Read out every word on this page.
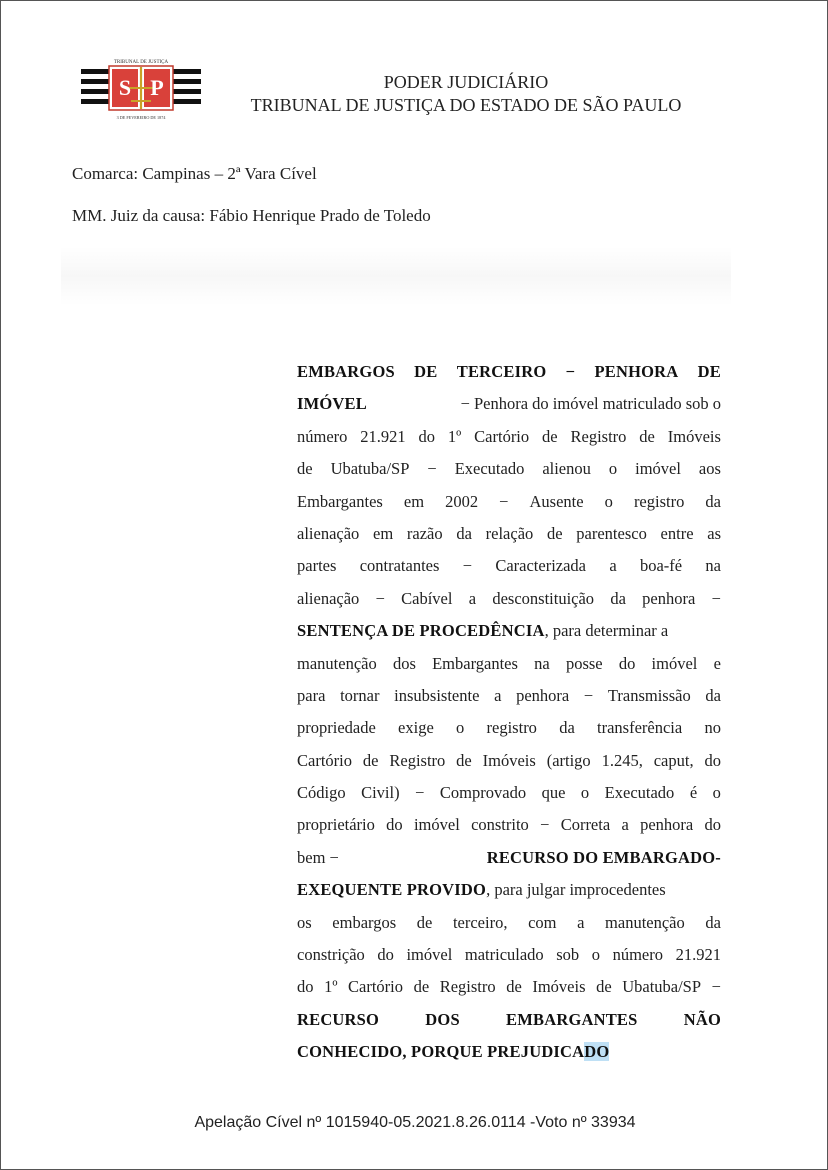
TRIBUNAL DE JUSTIÇA
S P
3 DE FEVEREIRO DE 1874
PODER JUDICIÁRIO
TRIBUNAL DE JUSTIÇA DO ESTADO DE SÃO PAULO
Comarca: Campinas – 2ª Vara Cível
MM. Juiz da causa: Fábio Henrique Prado de Toledo
EMBARGOS DE TERCEIRO − PENHORA DE
IMÓVEL	− Penhora do imóvel matriculado sob o
número 21.921 do 1º Cartório de Registro de Imóveis
de Ubatuba/SP − Executado alienou o imóvel aos
Embargantes em 2002 − Ausente o registro da
alienação em razão da relação de parentesco entre as
partes contratantes − Caracterizada a boa-fé na
alienação − Cabível a desconstituição da penhora −
SENTENÇA DE PROCEDÊNCIA, para determinar a
manutenção dos Embargantes na posse do imóvel e
para tornar insubsistente a penhora − Transmissão da
propriedade exige o registro da transferência no
Cartório de Registro de Imóveis (artigo 1.245, caput, do
Código Civil) − Comprovado que o Executado é o
proprietário do imóvel constrito − Correta a penhora do
bem −	RECURSO DO EMBARGADO-
EXEQUENTE PROVIDO, para julgar improcedentes
os embargos de terceiro, com a manutenção da
constrição do imóvel matriculado sob o número 21.921
do 1º Cartório de Registro de Imóveis de Ubatuba/SP −
RECURSO	DOS	EMBARGANTES	NÃO
CONHECIDO, PORQUE PREJUDICADO
Apelação Cível nº 1015940-05.2021.8.26.0114 -Voto nº 33934
